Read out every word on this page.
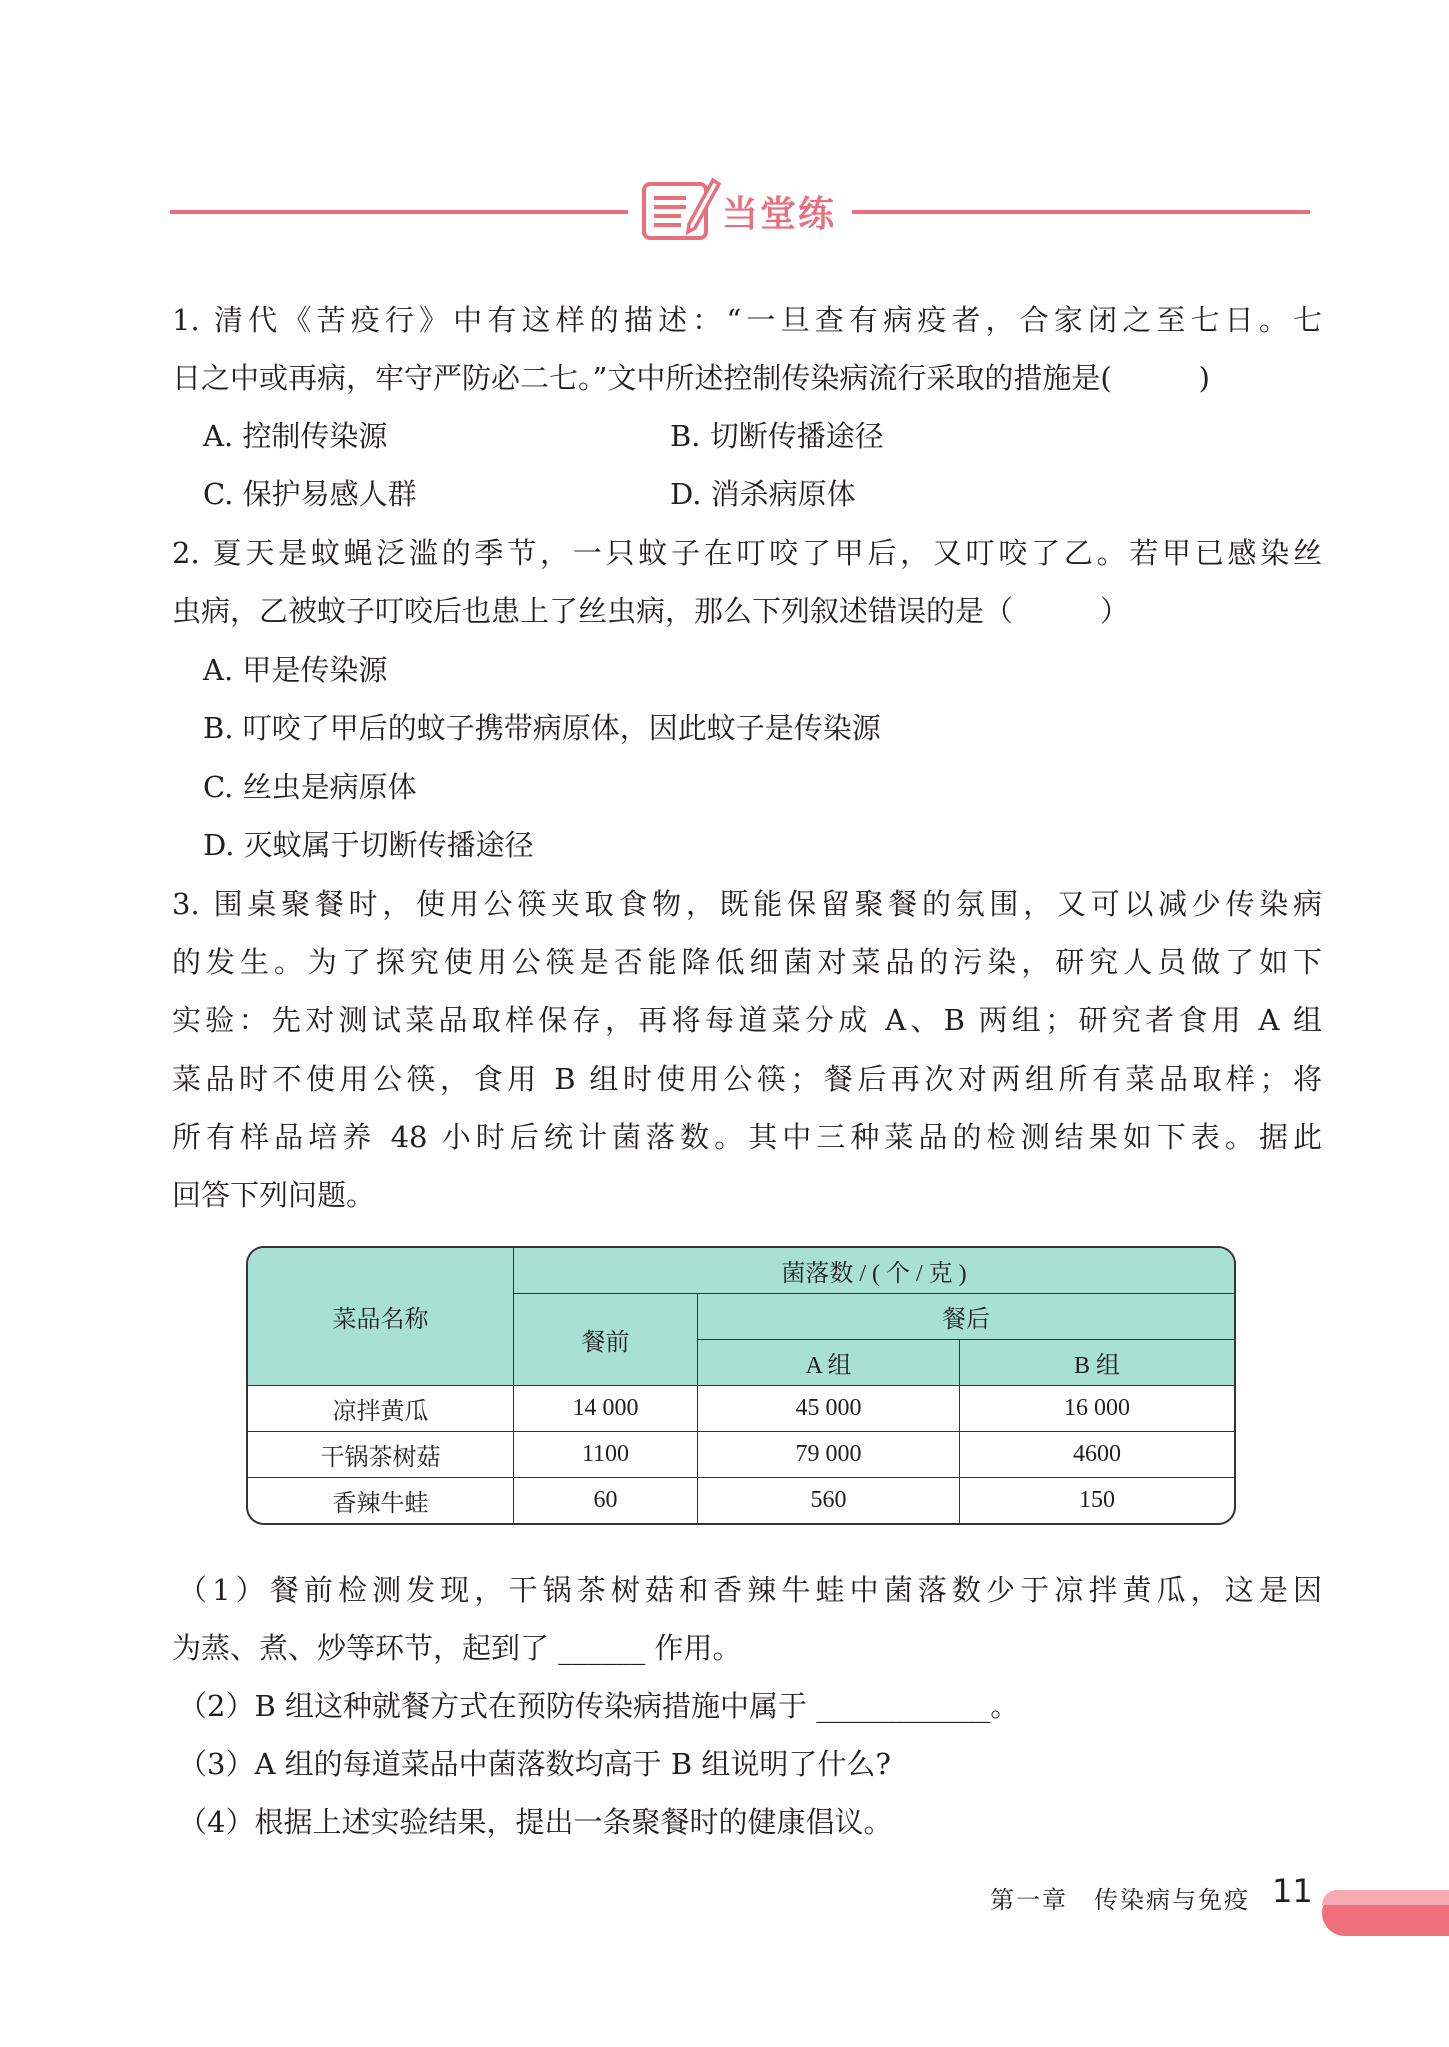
当堂练
1. 清代《苦疫行》中有这样的描述：“一旦查有病疫者，合家闭之至七日。七
日之中或再病，牢守严防必二七。”文中所述控制传染病流行采取的措施是(　　　)
A. 控制传染源	B. 切断传播途径
C. 保护易感人群	D. 消杀病原体
2. 夏天是蚊蝇泛滥的季节，一只蚊子在叮咬了甲后，又叮咬了乙。若甲已感染丝
虫病，乙被蚊子叮咬后也患上了丝虫病，那么下列叙述错误的是（　　　）
A. 甲是传染源
B. 叮咬了甲后的蚊子携带病原体，因此蚊子是传染源
C. 丝虫是病原体
D. 灭蚊属于切断传播途径
3. 围桌聚餐时，使用公筷夹取食物，既能保留聚餐的氛围，又可以减少传染病
的发生。为了探究使用公筷是否能降低细菌对菜品的污染，研究人员做了如下
实验：先对测试菜品取样保存，再将每道菜分成 A、B 两组；研究者食用 A 组
菜品时不使用公筷，食用 B 组时使用公筷；餐后再次对两组所有菜品取样；将
所有样品培养 48 小时后统计菌落数。其中三种菜品的检测结果如下表。据此
回答下列问题。
菜品名称	菌落数 / ( 个 / 克 )		
	餐前	餐后	
		A 组	B 组
凉拌黄瓜	14 000	45 000	16 000
干锅茶树菇	1100	79 000	4600
香辣牛蛙	60	560	150
（1）餐前检测发现，干锅茶树菇和香辣牛蛙中菌落数少于凉拌黄瓜，这是因
为蒸、煮、炒等环节，起到了 ______ 作用。
（2）B 组这种就餐方式在预防传染病措施中属于 ____________。
（3）A 组的每道菜品中菌落数均高于 B 组说明了什么?
（4）根据上述实验结果，提出一条聚餐时的健康倡议。
第一章　传染病与免疫 11
